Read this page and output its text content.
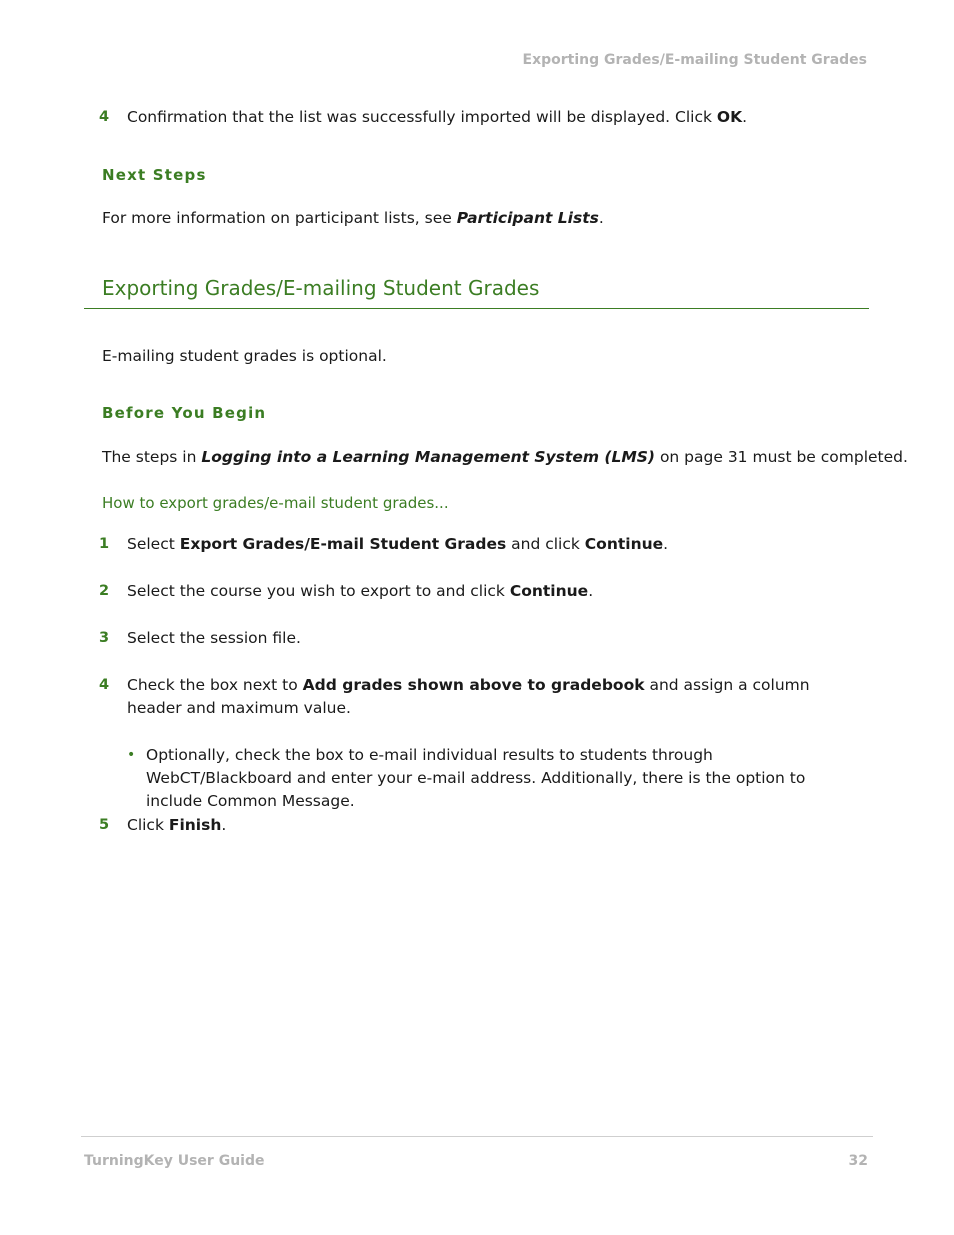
Exporting Grades/E-mailing Student Grades
4 Confirmation that the list was successfully imported will be displayed. Click OK.
Next Steps
For more information on participant lists, see Participant Lists.
Exporting Grades/E-mailing Student Grades
E-mailing student grades is optional.
Before You Begin
The steps in Logging into a Learning Management System (LMS) on page 31 must be completed.
How to export grades/e-mail student grades...
1 Select Export Grades/E-mail Student Grades and click Continue.
2 Select the course you wish to export to and click Continue.
3 Select the session file.
4 Check the box next to Add grades shown above to gradebook and assign a column header and maximum value.
• Optionally, check the box to e-mail individual results to students through WebCT/Blackboard and enter your e-mail address. Additionally, there is the option to include Common Message.
5 Click Finish.
TurningKey User Guide	32
